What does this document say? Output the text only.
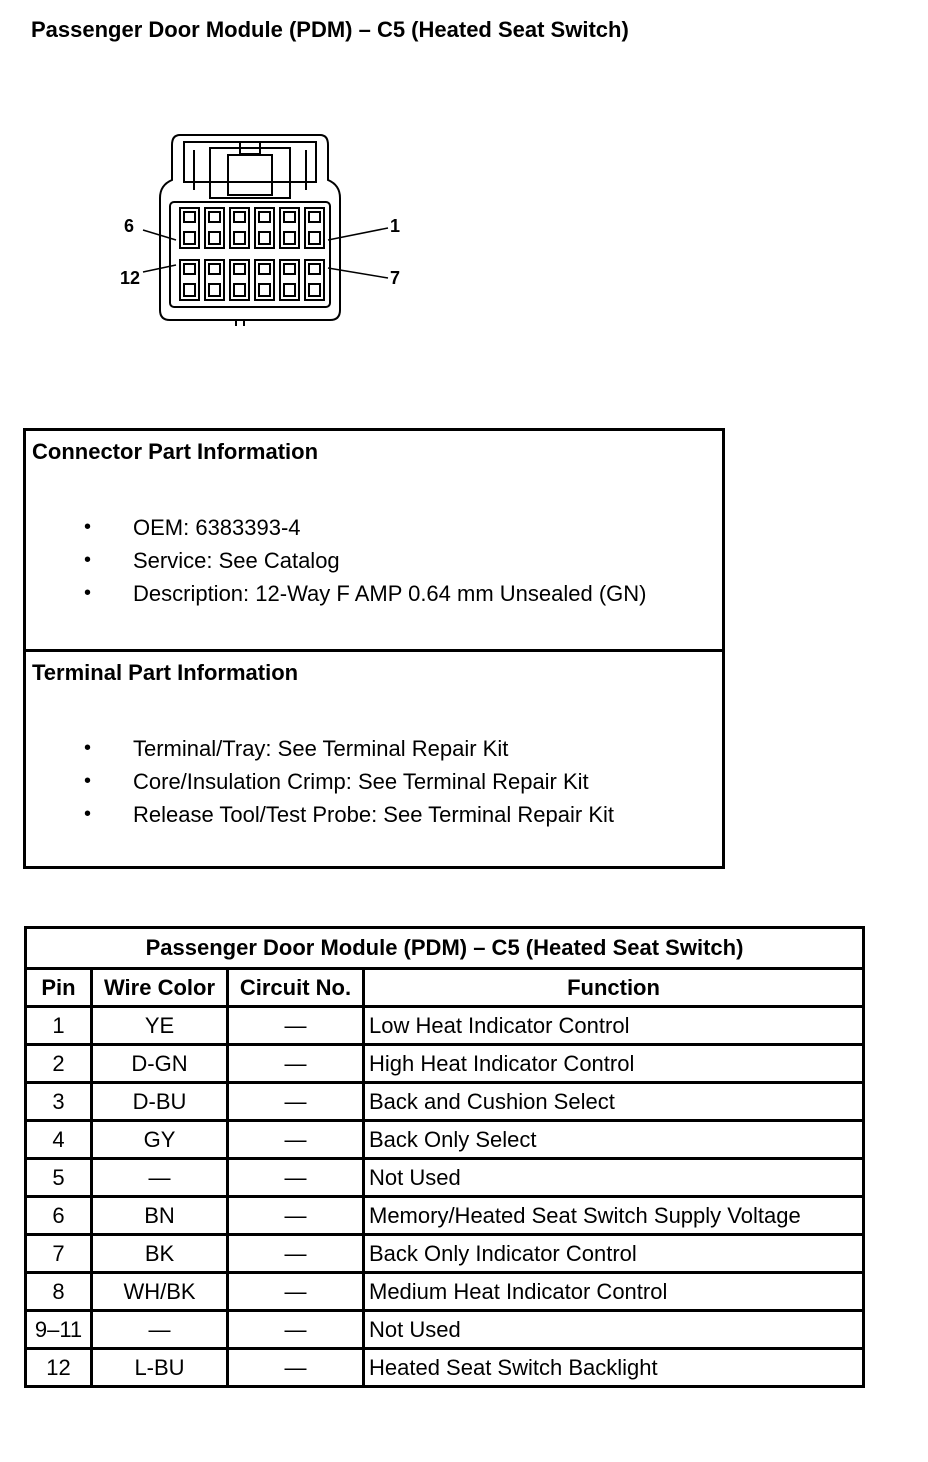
Passenger Door Module (PDM) – C5 (Heated Seat Switch)
6
12
1
7
Connector Part Information
• OEM: 6383393-4
• Service: See Catalog
• Description: 12-Way F AMP 0.64 mm Unsealed (GN)
Terminal Part Information
• Terminal/Tray: See Terminal Repair Kit
• Core/Insulation Crimp: See Terminal Repair Kit
• Release Tool/Test Probe: See Terminal Repair Kit
Passenger Door Module (PDM) – C5 (Heated Seat Switch)			
Pin	Wire Color	Circuit No.	Function
1	YE	—	Low Heat Indicator Control
2	D-GN	—	High Heat Indicator Control
3	D-BU	—	Back and Cushion Select
4	GY	—	Back Only Select
5	—	—	Not Used
6	BN	—	Memory/Heated Seat Switch Supply Voltage
7	BK	—	Back Only Indicator Control
8	WH/BK	—	Medium Heat Indicator Control
9–11	—	—	Not Used
12	L-BU	—	Heated Seat Switch Backlight
